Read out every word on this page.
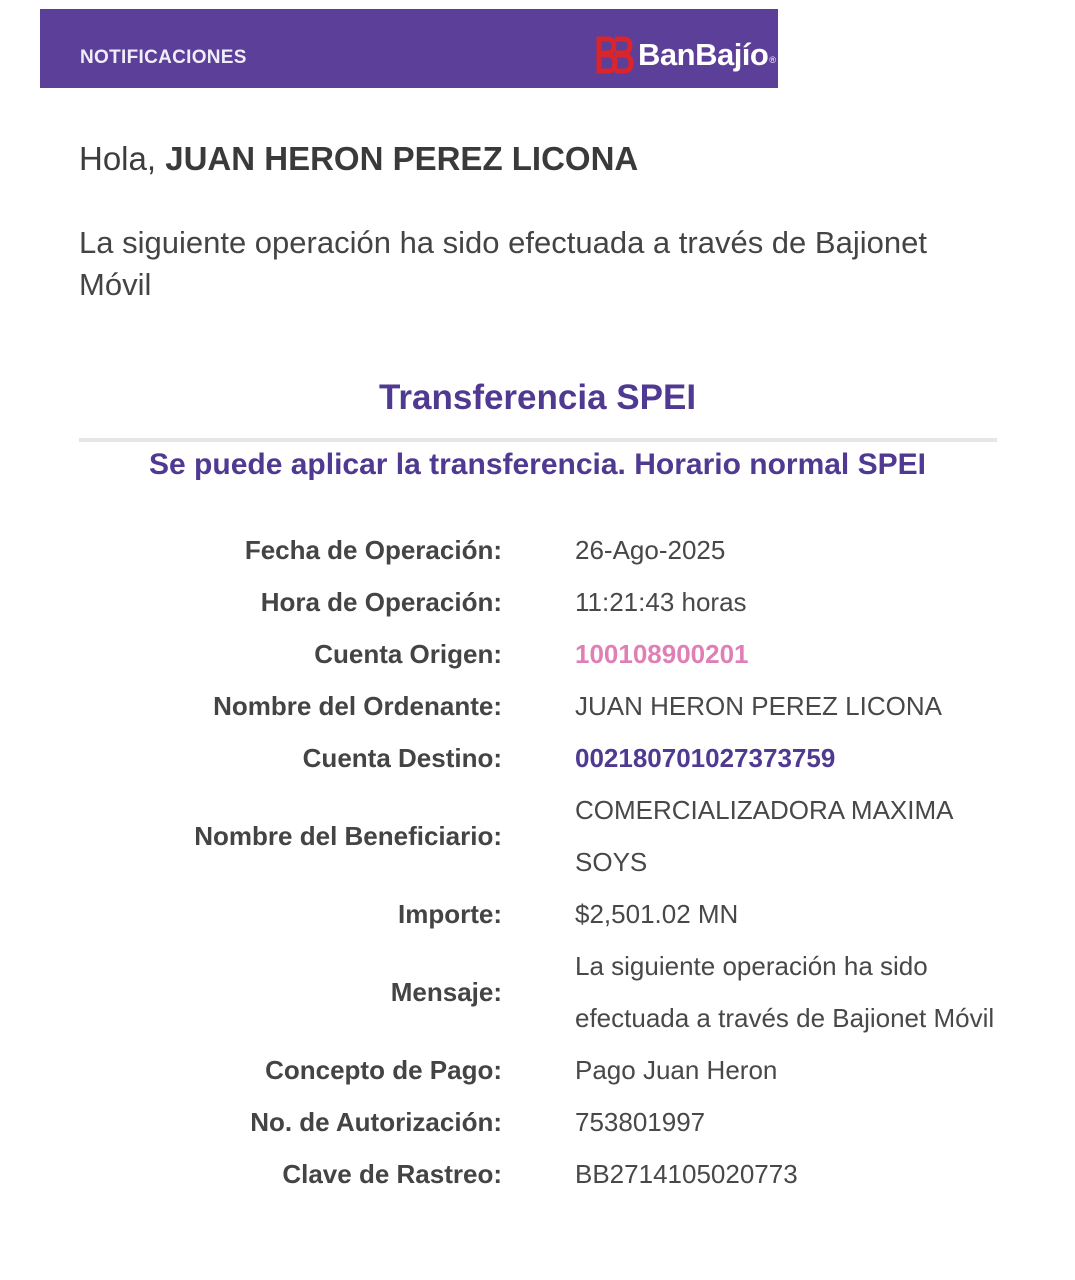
NOTIFICACIONES	BanBajío ®
Hola, JUAN HERON PEREZ LICONA
La siguiente operación ha sido efectuada a través de Bajionet Móvil
Transferencia SPEI
Se puede aplicar la transferencia. Horario normal SPEI
Fecha de Operación:	26-Ago-2025
Hora de Operación:	11:21:43 horas
Cuenta Origen:	100108900201
Nombre del Ordenante:	JUAN HERON PEREZ LICONA
Cuenta Destino:	002180701027373759
Nombre del Beneficiario:
COMERCIALIZADORA MAXIMA SOYS
Importe:	$2,501.02 MN
Mensaje:
La siguiente operación ha sido efectuada a través de Bajionet Móvil
Concepto de Pago:	Pago Juan Heron
No. de Autorización:	753801997
Clave de Rastreo:	BB2714105020773
